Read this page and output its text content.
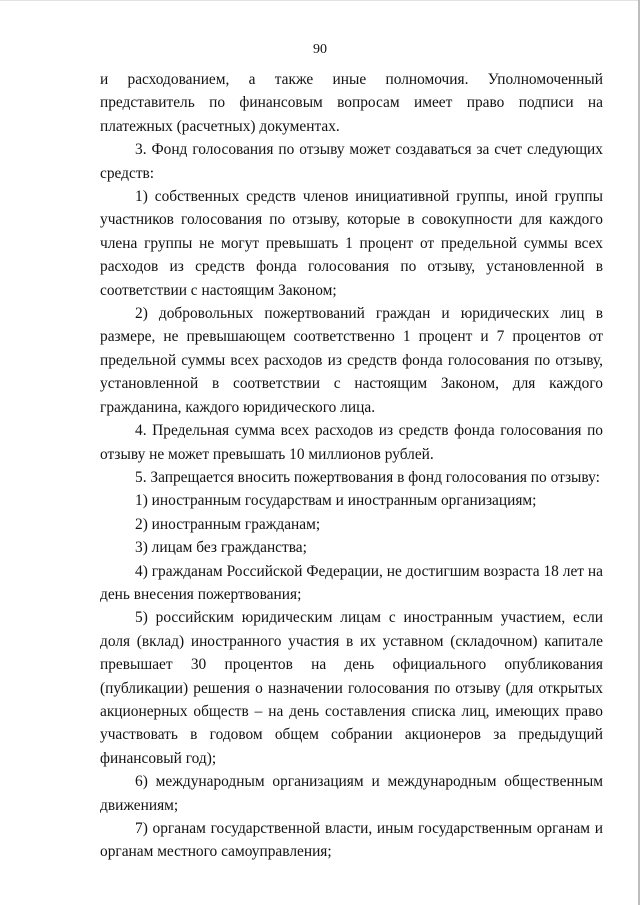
90

и расходованием, а также иные полномочия. Уполномоченный представитель по финансовым вопросам имеет право подписи на платежных (расчетных) документах.

3. Фонд голосования по отзыву может создаваться за счет следующих средств:

1) собственных средств членов инициативной группы, иной группы участников голосования по отзыву, которые в совокупности для каждого члена группы не могут превышать 1 процент от предельной суммы всех расходов из средств фонда голосования по отзыву, установленной в соответствии с настоящим Законом;

2) добровольных пожертвований граждан и юридических лиц в размере, не превышающем соответственно 1 процент и 7 процентов от предельной суммы всех расходов из средств фонда голосования по отзыву, установленной в соответствии с настоящим Законом, для каждого гражданина, каждого юридического лица.

4. Предельная сумма всех расходов из средств фонда голосования по отзыву не может превышать 10 миллионов рублей.

5. Запрещается вносить пожертвования в фонд голосования по отзыву:

1) иностранным государствам и иностранным организациям;

2) иностранным гражданам;

3) лицам без гражданства;

4) гражданам Российской Федерации, не достигшим возраста 18 лет на день внесения пожертвования;

5) российским юридическим лицам с иностранным участием, если доля (вклад) иностранного участия в их уставном (складочном) капитале превышает 30 процентов на день официального опубликования (публикации) решения о назначении голосования по отзыву (для открытых акционерных обществ – на день составления списка лиц, имеющих право участвовать в годовом общем собрании акционеров за предыдущий финансовый год);

6) международным организациям и международным общественным движениям;

7) органам государственной власти, иным государственным органам и органам местного самоуправления;
